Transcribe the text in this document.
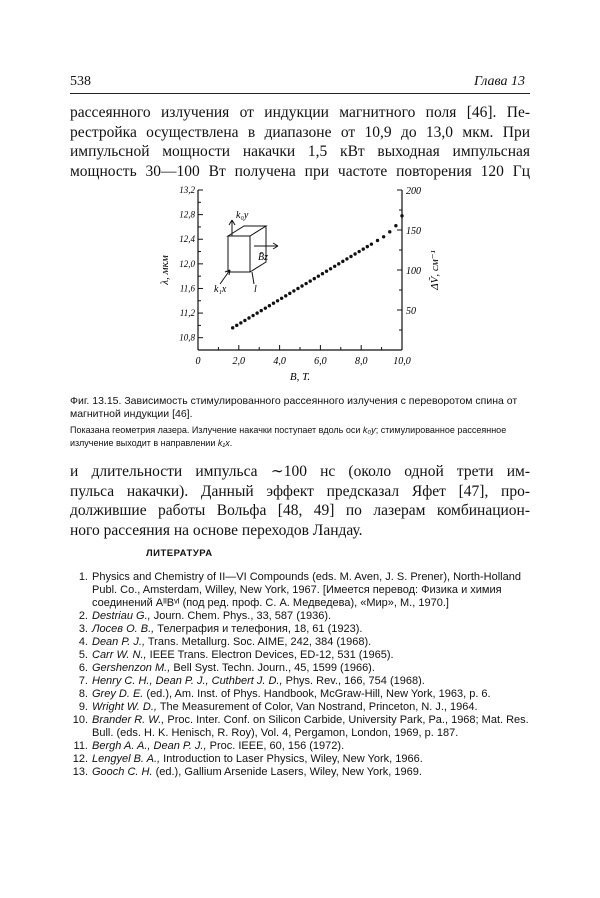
538	Глава 13
рассеянного излучения от индукции магнитного поля [46]. Пе-
рестройка осуществлена в диапазоне от 10,9 до 13,0 мкм. При
импульсной мощности накачки 1,5 кВт выходная импульсная
мощность 30—100 Вт получена при частоте повторения 120 Гц
0	2,0	4,0	6,0	8,0	10,0
10,8
11,2
11,6
12,0
12,4
12,8
13,2
50
100
150
200
B, T.
λ, мкм	ΔṼ, см⁻¹
k₀y
B̄z
k₁x	l
Фиг. 13.15. Зависимость стимулированного рассеянного излучения с переворотом спина от магнитной индукции [46].
Показана геометрия лазера. Излучение накачки поступает вдоль оси k₀y; стимулированное рассеянное излучение выходит в направлении k₁x.
и длительности импульса ∼100 нс (около одной трети им-
пульса накачки). Данный эффект предсказал Яфет [47], про-
должившие работы Вольфа [48, 49] по лазерам комбинацион-
ного рассеяния на основе переходов Ландау.
ЛИТЕРАТУРА
1. Physics and Chemistry of II—VI Compounds (eds. M. Aven, J. S. Prener), North-Holland Publ. Co., Amsterdam, Willey, New York, 1967. [Имеется перевод: Физика и химия соединений AᴵᴵBᵛᴵ (под ред. проф. С. А. Медведева), «Мир», М., 1970.]
2. Destriau G., Journ. Chem. Phys., 33, 587 (1936).
3. Лосев О. В., Телеграфия и телефония, 18, 61 (1923).
4. Dean P. J., Trans. Metallurg. Soc. AIME, 242, 384 (1968).
5. Carr W. N., IEEE Trans. Electron Devices, ED-12, 531 (1965).
6. Gershenzon M., Bell Syst. Techn. Journ., 45, 1599 (1966).
7. Henry C. H., Dean P. J., Cuthbert J. D., Phys. Rev., 166, 754 (1968).
8. Grey D. E. (ed.), Am. Inst. of Phys. Handbook, McGraw-Hill, New York, 1963, p. 6.
9. Wright W. D., The Measurement of Color, Van Nostrand, Princeton, N. J., 1964.
10. Brander R. W., Proc. Inter. Conf. on Silicon Carbide, University Park, Pa., 1968; Mat. Res. Bull. (eds. H. K. Henisch, R. Roy), Vol. 4, Pergamon, London, 1969, p. 187.
11. Bergh A. A., Dean P. J., Proc. IEEE, 60, 156 (1972).
12. Lengyel B. A., Introduction to Laser Physics, Wiley, New York, 1966.
13. Gooch C. H. (ed.), Gallium Arsenide Lasers, Wiley, New York, 1969.
